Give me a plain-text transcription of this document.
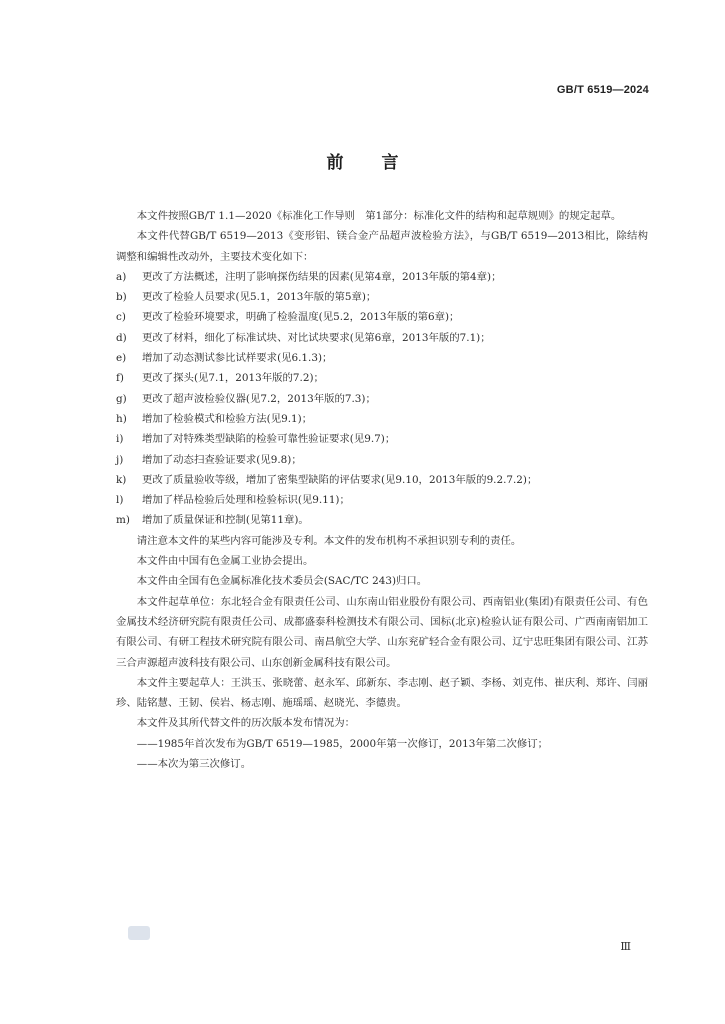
GB/T 6519—2024
前言

本文件按照GB/T 1.1—2020《标准化工作导则　第1部分：标准化文件的结构和起草规则》的规定起草。

本文件代替GB/T 6519—2013《变形铝、镁合金产品超声波检验方法》，与GB/T 6519—2013相比，除结构调整和编辑性改动外，主要技术变化如下：

a)	更改了方法概述，注明了影响探伤结果的因素(见第4章，2013年版的第4章)；
b)	更改了检验人员要求(见5.1，2013年版的第5章)；
c)	更改了检验环境要求，明确了检验温度(见5.2，2013年版的第6章)；
d)	更改了材料，细化了标准试块、对比试块要求(见第6章，2013年版的7.1)；
e)	增加了动态测试参比试样要求(见6.1.3)；
f)	更改了探头(见7.1，2013年版的7.2)；
g)	更改了超声波检验仪器(见7.2，2013年版的7.3)；
h)	增加了检验模式和检验方法(见9.1)；
i)	增加了对特殊类型缺陷的检验可靠性验证要求(见9.7)；
j)	增加了动态扫查验证要求(见9.8)；
k)	更改了质量验收等级，增加了密集型缺陷的评估要求(见9.10，2013年版的9.2.7.2)；
l)	增加了样品检验后处理和检验标识(见9.11)；
m)	增加了质量保证和控制(见第11章)。

请注意本文件的某些内容可能涉及专利。本文件的发布机构不承担识别专利的责任。

本文件由中国有色金属工业协会提出。

本文件由全国有色金属标准化技术委员会(SAC/TC 243)归口。

本文件起草单位：东北轻合金有限责任公司、山东南山铝业股份有限公司、西南铝业(集团)有限责任公司、有色金属技术经济研究院有限责任公司、成都盛泰科检测技术有限公司、国标(北京)检验认证有限公司、广西南南铝加工有限公司、有研工程技术研究院有限公司、南昌航空大学、山东兖矿轻合金有限公司、辽宁忠旺集团有限公司、江苏三合声源超声波科技有限公司、山东创新金属科技有限公司。

本文件主要起草人：王洪玉、张晓蕾、赵永军、邱新东、李志刚、赵子颖、李杨、刘克伟、崔庆利、郑许、闫丽珍、陆铭慧、王韧、侯岩、杨志刚、施瑶瑶、赵晓光、李德贵。

本文件及其所代替文件的历次版本发布情况为：

——1985年首次发布为GB/T 6519—1985，2000年第一次修订，2013年第二次修订；
——本次为第三次修订。
Ⅲ
